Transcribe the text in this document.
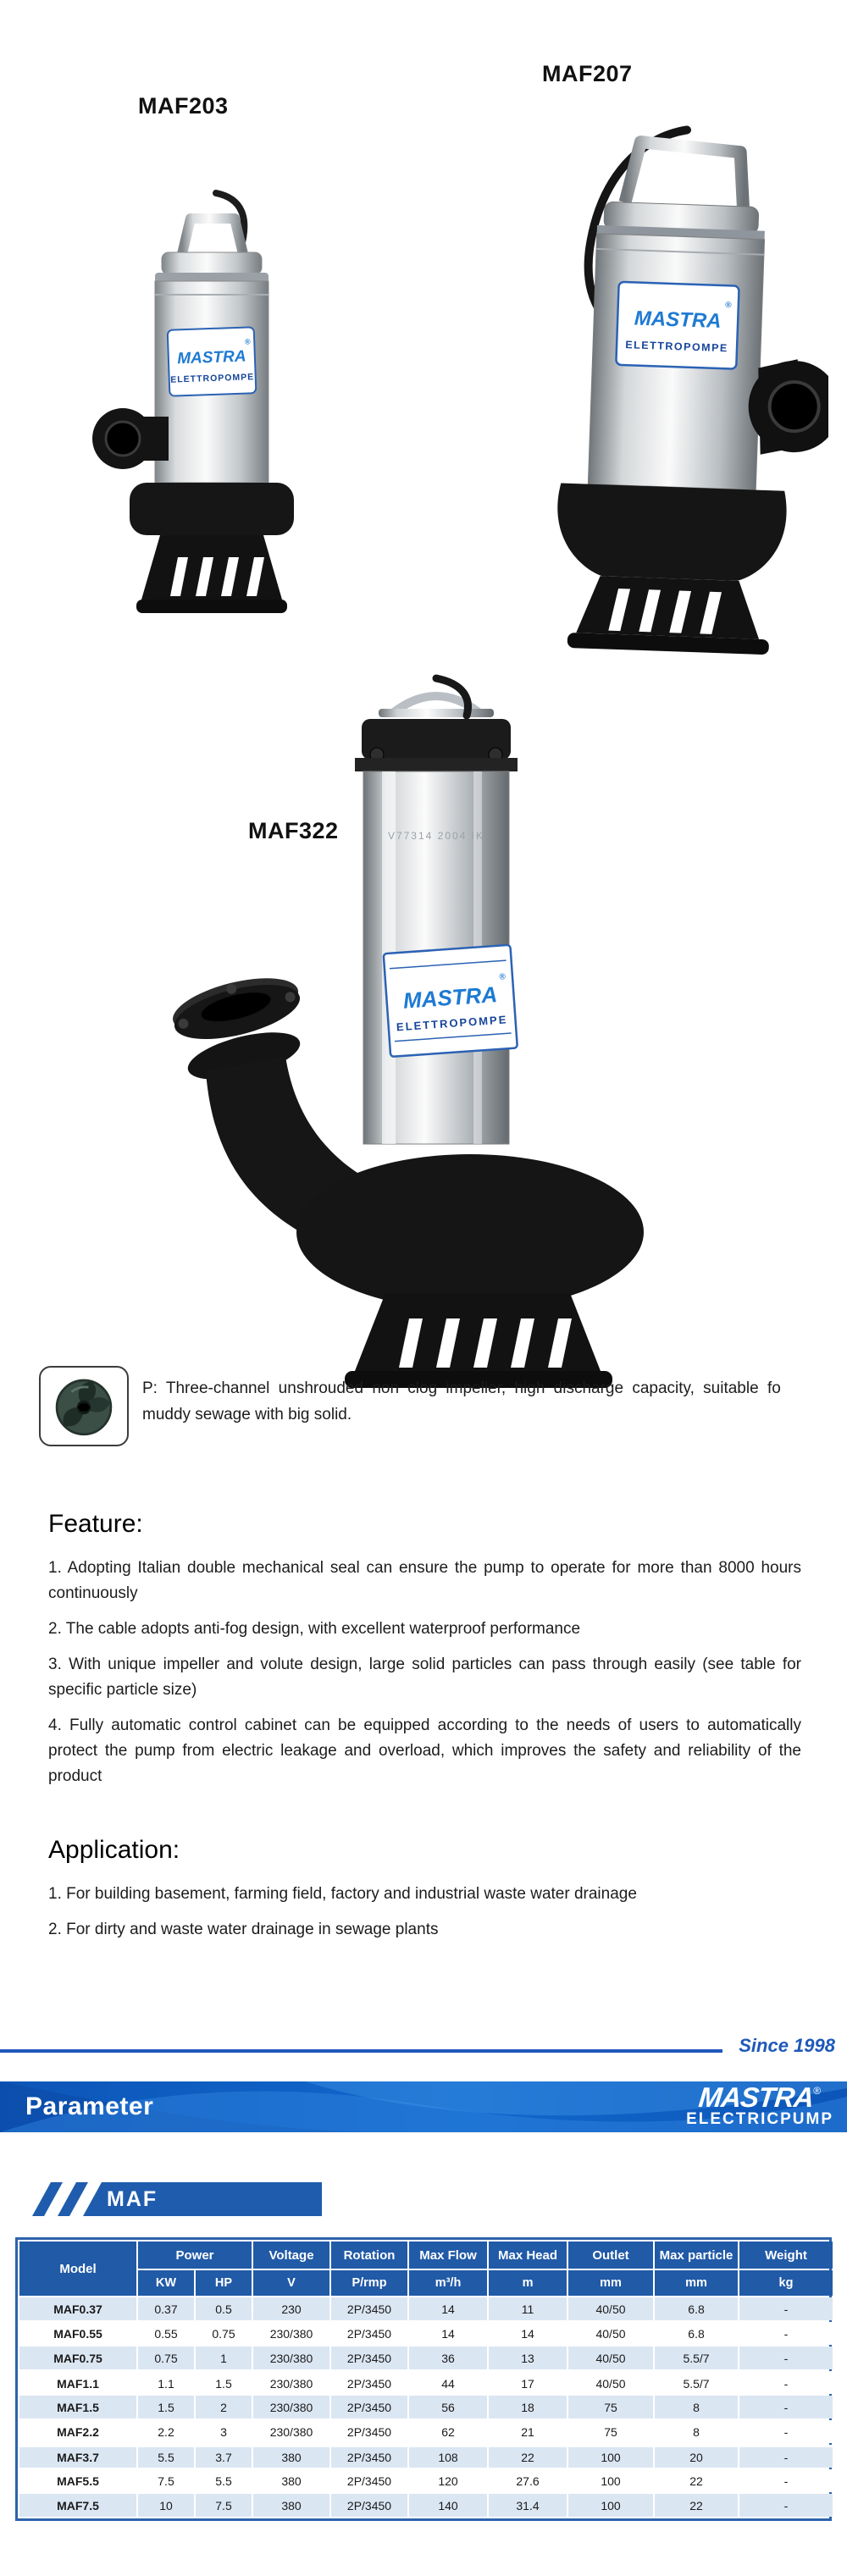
MAF203
MAF207
MAF322
MASTRA
®
ELETTROPOMPE
MASTRA
®
ELETTROPOMPE
V77314 2004 IK
MASTRA
®
ELETTROPOMPE
P: Three-channel unshrouded non clog impeller, high discharge capacity, suitable fo
muddy sewage with big solid.
Feature:

1. Adopting Italian double mechanical seal can ensure the pump to operate for more than 8000 hours continuously

2. The cable adopts anti-fog design, with excellent waterproof performance

3. With unique impeller and volute design, large solid particles can pass through easily (see table for specific particle size)

4. Fully automatic control cabinet can be equipped according to the needs of users to automatically protect the pump from electric leakage and overload, which improves the safety and reliability of the product

Application:

1. For building basement, farming field, factory and industrial waste water drainage

2. For dirty and waste water drainage in sewage plants

Since 1998
Parameter	MASTRA®
ELECTRICPUMP
MAF
Model	Power		Voltage	Rotation	Max Flow	Max Head	Outlet	Max particle	Weight
	KW	HP	V	P/rmp	m³/h	m	mm	mm	kg
MAF0.37	0.37	0.5	230	2P/3450	14	11	40/50	6.8	-
MAF0.55	0.55	0.75	230/380	2P/3450	14	14	40/50	6.8	-
MAF0.75	0.75	1	230/380	2P/3450	36	13	40/50	5.5/7	-
MAF1.1	1.1	1.5	230/380	2P/3450	44	17	40/50	5.5/7	-
MAF1.5	1.5	2	230/380	2P/3450	56	18	75	8	-
MAF2.2	2.2	3	230/380	2P/3450	62	21	75	8	-
MAF3.7	5.5	3.7	380	2P/3450	108	22	100	20	-
MAF5.5	7.5	5.5	380	2P/3450	120	27.6	100	22	-
MAF7.5	10	7.5	380	2P/3450	140	31.4	100	22	-
